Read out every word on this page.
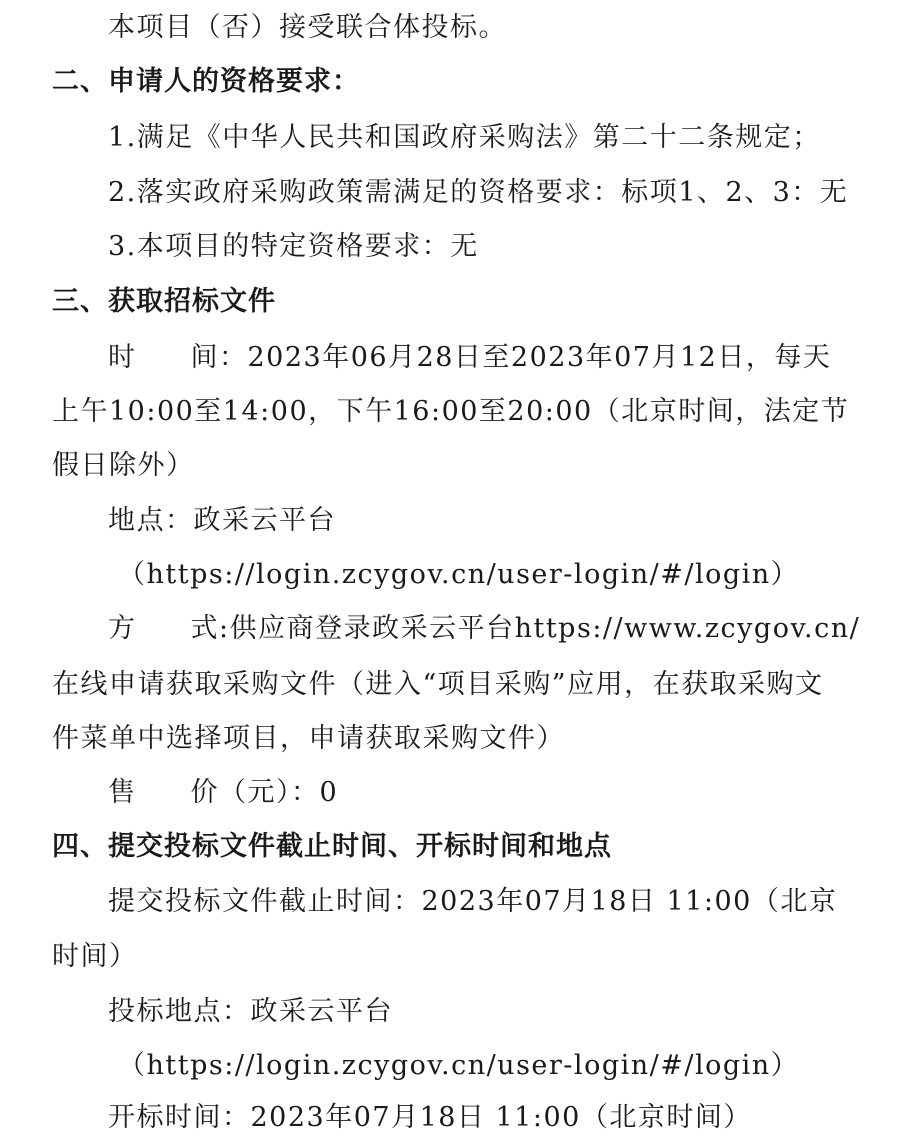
本项目（否）接受联合体投标。
二、申请人的资格要求：
1.满足《中华人民共和国政府采购法》第二十二条规定；
2.落实政府采购政策需满足的资格要求：标项1、2、3：无
3.本项目的特定资格要求：无
三、获取招标文件
时 间：2023年06月28日至2023年07月12日，每天
上午10:00至14:00，下午16:00至20:00（北京时间，法定节
假日除外）
地点：政采云平台
（https://login.zcygov.cn/user-login/#/login）
方 式:供应商登录政采云平台https://www.zcygov.cn/
在线申请获取采购文件（进入“项目采购”应用，在获取采购文
件菜单中选择项目，申请获取采购文件）
售 价（元）：0
四、提交投标文件截止时间、开标时间和地点
提交投标文件截止时间：2023年07月18日 11:00（北京
时间）
投标地点：政采云平台
（https://login.zcygov.cn/user-login/#/login）
开标时间：2023年07月18日 11:00（北京时间）
